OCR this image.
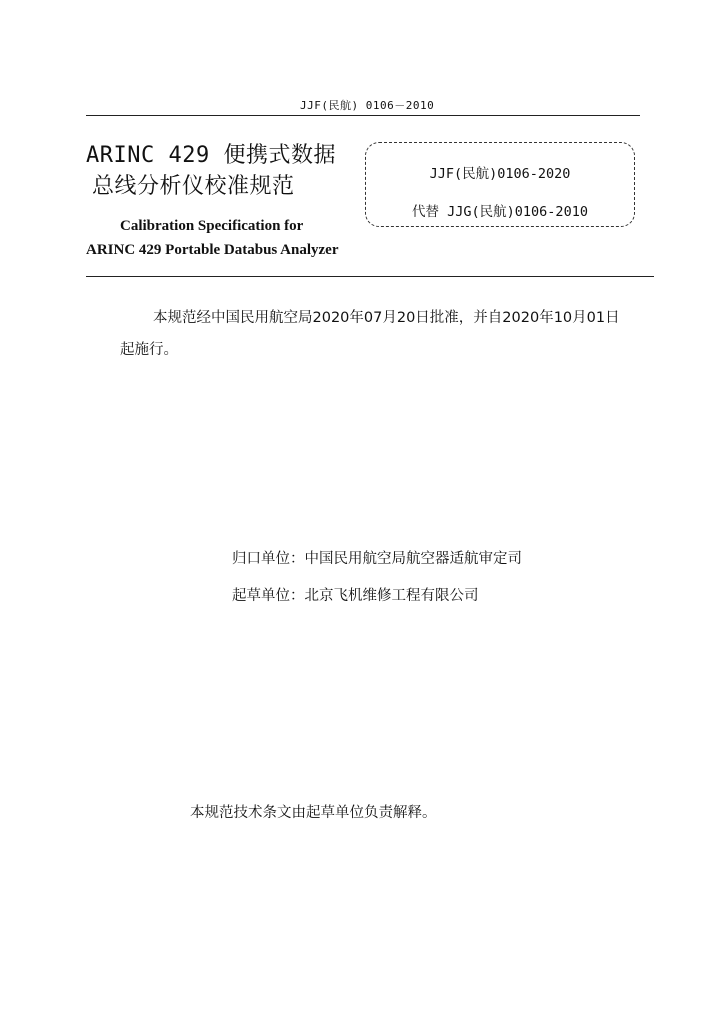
JJF(民航) 0106－2010
ARINC 429 便携式数据
总线分析仪校准规范
Calibration Specification for
ARINC 429 Portable Databus Analyzer
JJF(民航)0106-2020
代替 JJG(民航)0106-2010
本规范经中国民用航空局2020年07月20日批准，并自2020年10月01日
起施行。
归口单位：中国民用航空局航空器适航审定司
起草单位：北京飞机维修工程有限公司
本规范技术条文由起草单位负责解释。
